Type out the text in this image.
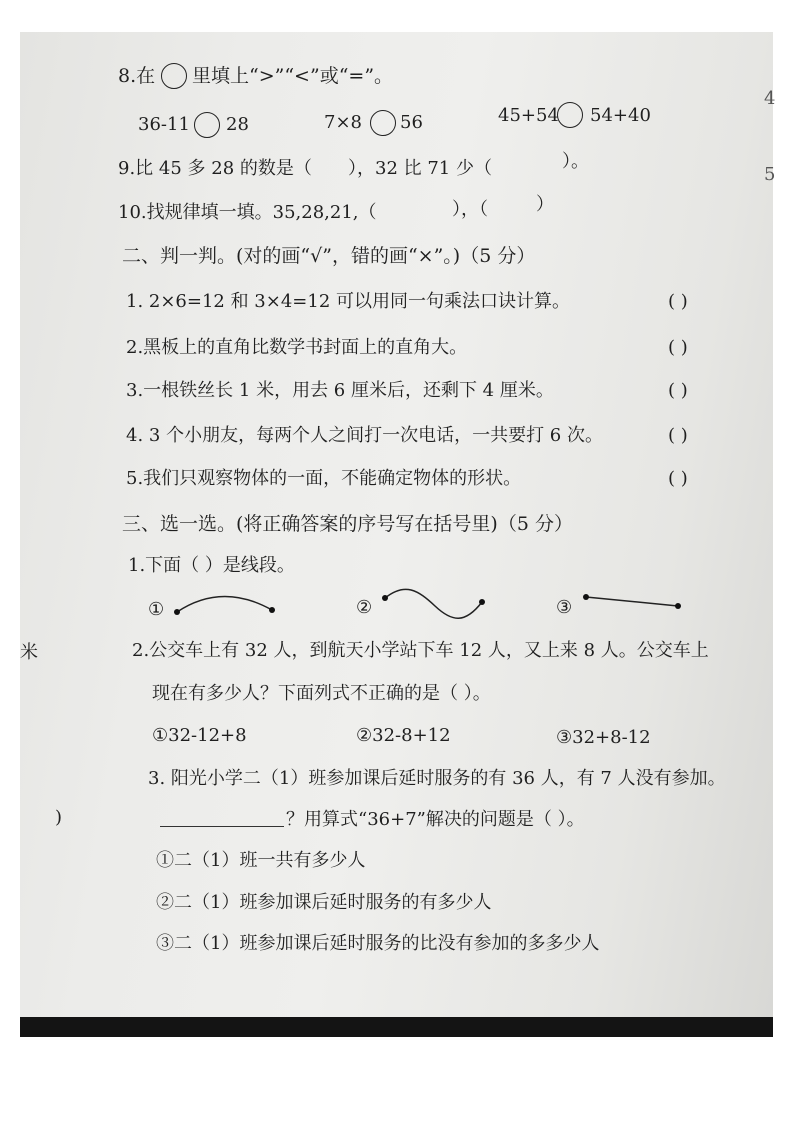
米
)
4
5
8.在 里填上“>”“<”或“=”。
36-11 28	7×8 56	45+54 54+40
9.比 45 多 28 的数是（ ），32 比 71 少（	）。
10.找规律填一填。35,28,21,（	），（	）
二、判一判。(对的画“√”，错的画“×”。)（5 分）
1. 2×6=12 和 3×4=12 可以用同一句乘法口诀计算。	( )
2.黑板上的直角比数学书封面上的直角大。	( )
3.一根铁丝长 1 米，用去 6 厘米后，还剩下 4 厘米。	( )
4. 3 个小朋友，每两个人之间打一次电话，一共要打 6 次。	( )
5.我们只观察物体的一面，不能确定物体的形状。	( )
三、选一选。(将正确答案的序号写在括号里)（5 分）
1.下面（ ）是线段。
①	②	③
2.公交车上有 32 人，到航天小学站下车 12 人，又上来 8 人。公交车上
现在有多少人？下面列式不正确的是（ ）。
①32-12+8	②32-8+12	③32+8-12
3. 阳光小学二（1）班参加课后延时服务的有 36 人，有 7 人没有参加。
？用算式“36+7”解决的问题是（ ）。
①二（1）班一共有多少人
②二（1）班参加课后延时服务的有多少人
③二（1）班参加课后延时服务的比没有参加的多多少人
